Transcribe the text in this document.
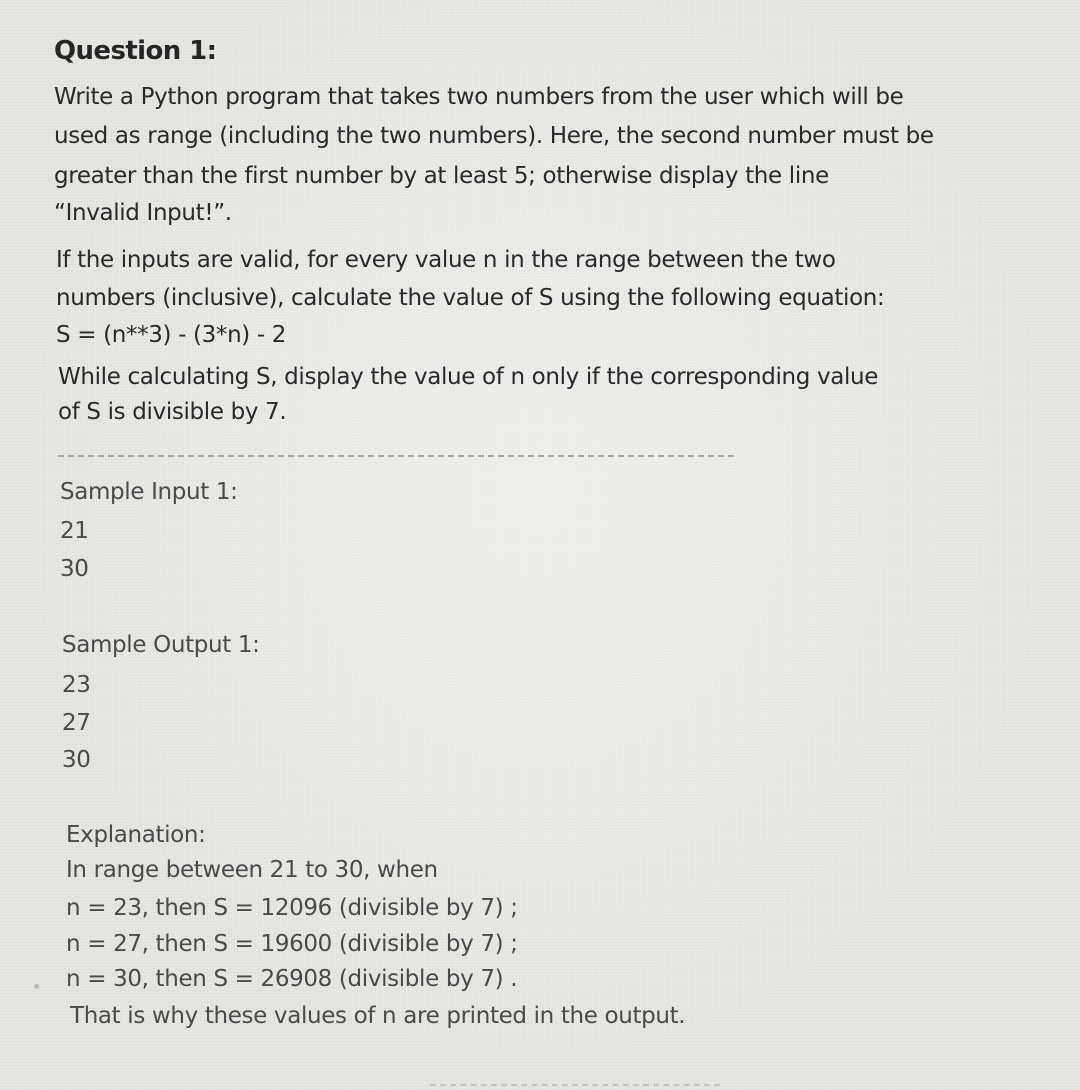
Question 1:
Write a Python program that takes two numbers from the user which will be
used as range (including the two numbers). Here, the second number must be
greater than the first number by at least 5; otherwise display the line
“Invalid Input!”.
If the inputs are valid, for every value n in the range between the two
numbers (inclusive), calculate the value of S using the following equation:
S = (n**3) - (3*n) - 2
While calculating S, display the value of n only if the corresponding value
of S is divisible by 7.
Sample Input 1:
21
30
Sample Output 1:
23
27
30
Explanation:
In range between 21 to 30, when
n = 23, then S = 12096 (divisible by 7) ;
n = 27, then S = 19600 (divisible by 7) ;
n = 30, then S = 26908 (divisible by 7) .
That is why these values of n are printed in the output.
